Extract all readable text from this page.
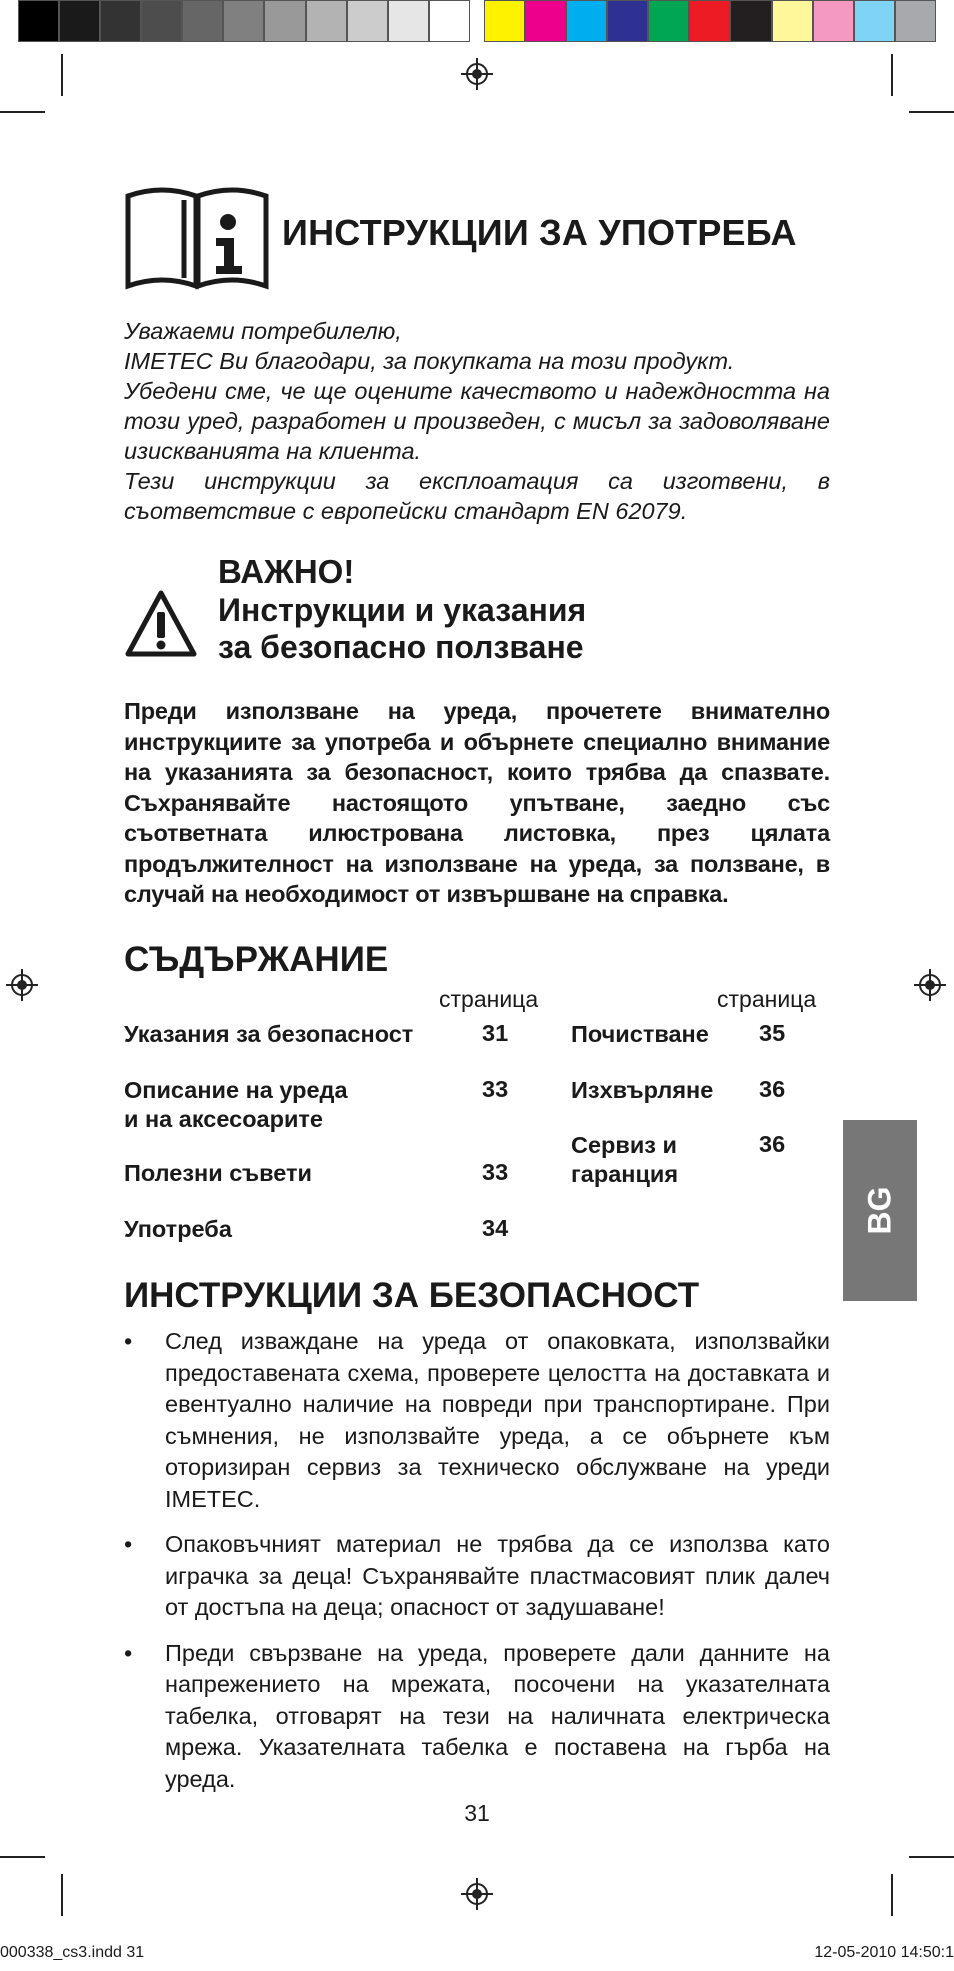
ИНСТРУКЦИИ ЗА УПОТРЕБА

Уважаеми потребилелю,

IMETEC Ви благодари, за покупката на този продукт.

Убедени сме, че ще оцените качеството и надеждността на този уред, разработен и произведен, с мисъл за задоволяване изискванията на клиента.

Тези инструкции за експлоатация са изготвени, в съответствие с европейски стандарт EN 62079.

ВАЖНО!
Инструкции и указания
за безопасно ползване
Преди използване на уреда, прочетете внимателно инструкциите за употреба и обърнете специално внимание на указанията за безопасност, които трябва да спазвате. Съхранявайте настоящото упътване, заедно със съответната илюстрована листовка, през цялата продължителност на използване на уреда, за ползване, в случай на необходимост от извършване на справка.
СЪДЪРЖАНИЕ
страница	страница
Указания за безопасност	31
Описание на уреда
и на аксесоарите
33
Полезни съвети	33
Употреба	34
Почистване 35
Изхвърляне 36
Сервиз и
гаранция
36
BG
ИНСТРУКЦИИ ЗА БЕЗОПАСНОСТ
• След изваждане на уреда от опаковката, използвайки предоставената схема, проверете целостта на доставката и евентуално наличие на повреди при транспортиране. При съмнения, не използвайте уреда, а се обърнете към оторизиран сервиз за техническо обслужване на уреди IMETEC.
• Опаковъчният материал не трябва да се използва като играчка за деца! Съхранявайте пластмасовият плик далеч от достъпа на деца; опасност от задушаване!
• Преди свързване на уреда, проверете дали данните на напрежението на мрежата, посочени на указателната табелка, отговарят на тези на наличната електрическа мрежа. Указателната табелка е поставена на гърба на уреда.
31
000338_cs3.indd 31	12-05-2010 14:50:1
